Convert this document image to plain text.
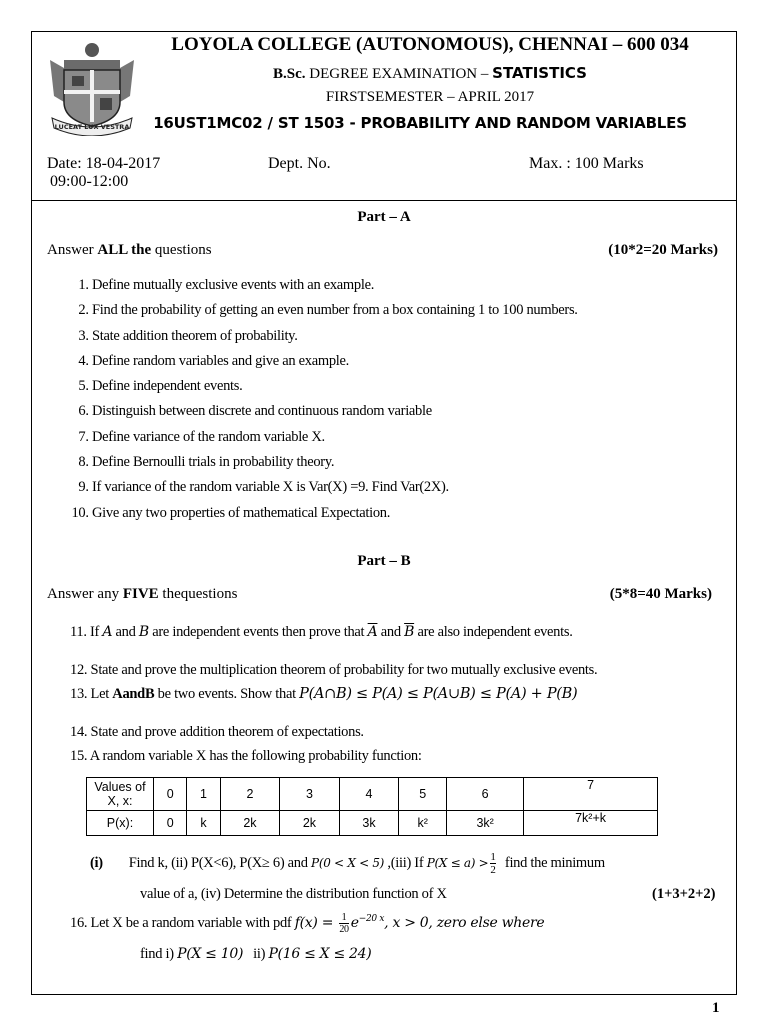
LUCEAT LUX VESTRA
LOYOLA COLLEGE (AUTONOMOUS), CHENNAI – 600 034
B.Sc. DEGREE EXAMINATION – STATISTICS
FIRSTSEMESTER – APRIL 2017
16UST1MC02 / ST 1503 - PROBABILITY AND RANDOM VARIABLES
Date: 18-04-2017
09:00-12:00
Dept. No.	Max. : 100 Marks
Part – A
Answer ALL the questions	(10*2=20 Marks)
1. Define mutually exclusive events with an example.
2. Find the probability of getting an even number from a box containing 1 to 100 numbers.
3. State addition theorem of probability.
4. Define random variables and give an example.
5. Define independent events.
6. Distinguish between discrete and continuous random variable
7. Define variance of the random variable X.
8. Define Bernoulli trials in probability theory.
9. If variance of the random variable X is Var(X) =9. Find Var(2X).
10. Give any two properties of mathematical Expectation.
Part – B
Answer any FIVE thequestions	(5*8=40 Marks)
11. If A and B are independent events then prove that $\overline{A}$ and $\overline{B}$ are also independent events.
12. State and prove the multiplication theorem of probability for two mutually exclusive events.
13. Let AandB be two events. Show that P(A∩B) ≤ P(A) ≤ P(A∪B) ≤ P(A) + P(B)
14. State and prove addition theorem of expectations.
15. A random variable X has the following probability function:
Values of X, x:	0	1	2	3	4	5	6	7
P(x):	0	k	2k	2k	3k	k²	3k²	7k²+k
(i) Find k, (ii) P(X<6), P(X≥ 6) and P(0 < X < 5) ,(iii) If $P(X \le a) > \frac{1}{2}$ find the minimum
value of a, (iv) Determine the distribution function of X	(1+3+2+2)
16. Let X be a random variable with pdf $f(x) = \frac{1}{20} e^{-20 x}$, x > 0, zero else where
find i) P(X ≤ 10)   ii) P(16 ≤ X ≤ 24)
1
